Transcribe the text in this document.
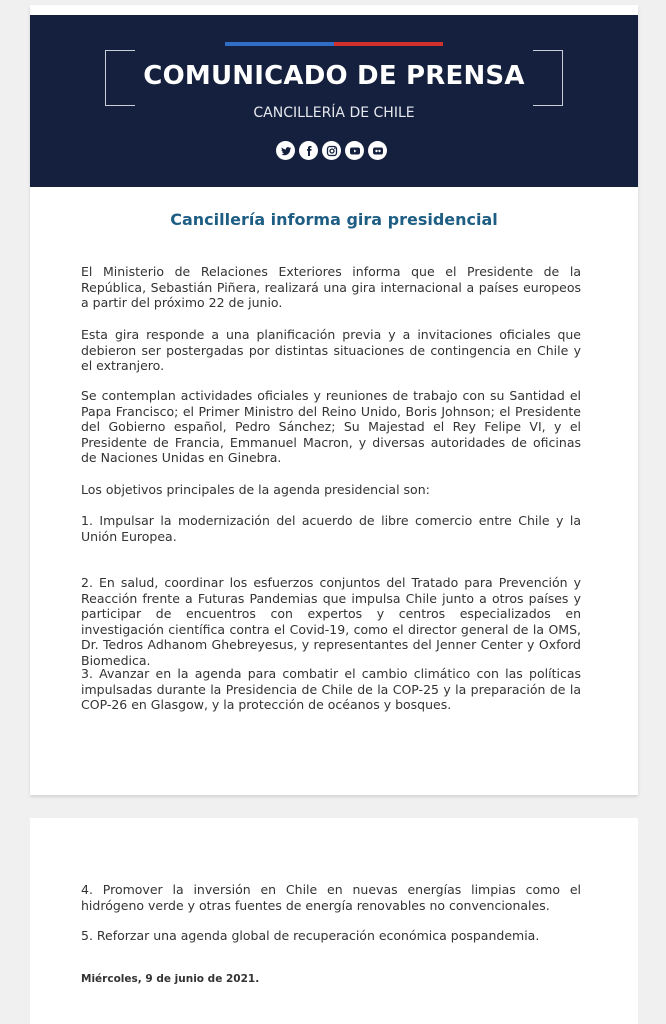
COMUNICADO DE PRENSA
CANCILLERÍA DE CHILE
Cancillería informa gira presidencial

El Ministerio de Relaciones Exteriores informa que el Presidente de la República, Sebastián Piñera, realizará una gira internacional a países europeos a partir del próximo 22 de junio.

Esta gira responde a una planificación previa y a invitaciones oficiales que debieron ser postergadas por distintas situaciones de contingencia en Chile y el extranjero.

Se contemplan actividades oficiales y reuniones de trabajo con su Santidad el Papa Francisco; el Primer Ministro del Reino Unido, Boris Johnson; el Presidente del Gobierno español, Pedro Sánchez; Su Majestad el Rey Felipe VI, y el Presidente de Francia, Emmanuel Macron, y diversas autoridades de oficinas de Naciones Unidas en Ginebra.

Los objetivos principales de la agenda presidencial son:

1. Impulsar la modernización del acuerdo de libre comercio entre Chile y la Unión Europea.

2. En salud, coordinar los esfuerzos conjuntos del Tratado para Prevención y Reacción frente a Futuras Pandemias que impulsa Chile junto a otros países y participar de encuentros con expertos y centros especializados en investigación científica contra el Covid-19, como el director general de la OMS, Dr. Tedros Adhanom Ghebreyesus, y representantes del Jenner Center y Oxford Biomedica.

3. Avanzar en la agenda para combatir el cambio climático con las políticas impulsadas durante la Presidencia de Chile de la COP-25 y la preparación de la COP-26 en Glasgow, y la protección de océanos y bosques.

4. Promover la inversión en Chile en nuevas energías limpias como el hidrógeno verde y otras fuentes de energía renovables no convencionales.

5. Reforzar una agenda global de recuperación económica pospandemia.

Miércoles, 9 de junio de 2021.
